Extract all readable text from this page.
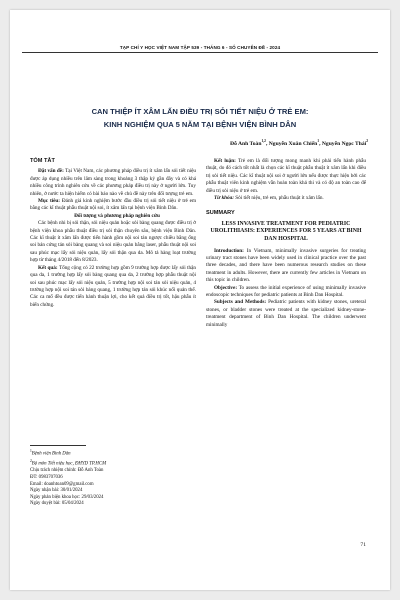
TẠP CHÍ Y HỌC VIỆT NAM TẬP 539 - THÁNG 6 - SỐ CHUYÊN ĐỀ - 2024
CAN THIỆP ÍT XÂM LẤN ĐIỀU TRỊ SỎI TIẾT NIỆU Ở TRẺ EM:
KINH NGHIỆM QUA 5 NĂM TẠI BỆNH VIỆN BÌNH DÂN
Đỗ Anh Toàn$^{1,2}$, Nguyễn Xuân Chiến$^1$, Nguyễn Ngọc Thái$^2$
TÓM TẮT

Đặt vấn đề: Tại Việt Nam, các phương pháp điều trị ít xâm lấn sỏi tiết niệu được áp dụng nhiều trên lâm sàng trong khoảng 3 thập kỷ gần đây và có khá nhiều công trình nghiên cứu về các phương pháp điều trị này ở người lớn. Tuy nhiên, ở nước ta hiện hiếm có bài báo nào về chủ đề này trên đối tượng trẻ em.

Mục tiêu: Đánh giá kinh nghiệm bước đầu điều trị sỏi tiết niệu ở trẻ em bằng các kĩ thuật phẫu thuật nội soi, ít xâm lấn tại bệnh viện Bình Dân.

Đối tượng và phương pháp nghiên cứu

Các bệnh nhi bị sỏi thận, sỏi niệu quản hoặc sỏi bàng quang được điều trị ở bệnh viện khoa phẫu thuật điều trị sỏi thận chuyên sâu, bệnh viện Bình Dân. Các kĩ thuật ít xâm lấn được tiến hành gồm nội soi tán ngược chiều bằng ống soi bán cứng tán sỏi bàng quang và soi niệu quản bằng laser, phẫu thuật nội soi sau phúc mạc lấy sỏi niệu quản, lấy sỏi thận qua da. Mô tả hàng loạt trường hợp từ tháng 4/2018 đến 8/2023.

Kết quả: Tổng cộng có 22 trường hợp gồm 9 trường hợp được lấy sỏi thận qua da, 1 trường hợp lấy sỏi bàng quang qua da, 2 trường hợp phẫu thuật nội soi sau phúc mạc lấy sỏi niệu quản, 5 trường hợp nội soi tán sỏi niệu quản, 4 trường hợp nội soi tán sỏi bàng quang, 1 trường hợp tán sỏi khúc nối quản thể. Các ca mổ đều được tiến hành thuận lợi, cho kết quả điều trị tốt, hậu phẫu ít biến chứng.

$^1$Bệnh viện Bình Dân
$^2$Bộ môn Tiết niệu học, ĐHYD TP.HCM
Chịu trách nhiệm chính: Đỗ Anh Toàn
ĐT: 0983707036
Email: doanhtoan09@gmail.com
Ngày nhận bài: 30/01/2024
Ngày phản biện khoa học: 29/03/2024
Ngày duyệt bài: 05/04/2024

Kết luận: Trẻ em là đối tượng mong manh khi phải tiến hành phẫu thuật, do đó cách tốt nhất là chọn các kĩ thuật phẫu thuật ít xâm lấn khi điều trị sỏi tiết niệu. Các kĩ thuật nội soi ở người lớn nếu được thực hiện bởi các phẫu thuật viên kinh nghiệm vẫn hoàn toàn khả thi và có độ an toàn cao để điều trị sỏi niệu ở trẻ em.

Từ khóa: Sỏi tiết niệu, trẻ em, phẫu thuật ít xâm lấn.

SUMMARY
LESS INVASIVE TREATMENT FOR PEDIATRIC UROLITHIASIS: EXPERIENCES FOR 5 YEARS AT BINH DAN HOSPITAL

Introduction: In Vietnam, minimally invasive surgeries for treating urinary tract stones have been widely used in clinical practice over the past three decades, and there have been numerous research studies on these treatment in adults. However, there are currently few articles in Vietnam on this topic in children.

Objective: To assess the initial experience of using minimally invasive endoscopic techniques for pediatric patients at Binh Dan Hospital.

Subjects and Methods: Pediatric patients with kidney stones, ureteral stones, or bladder stones were treated at the specialized kidney-stone-treatment department of Binh Dan Hospital. The children underwent minimally

71
